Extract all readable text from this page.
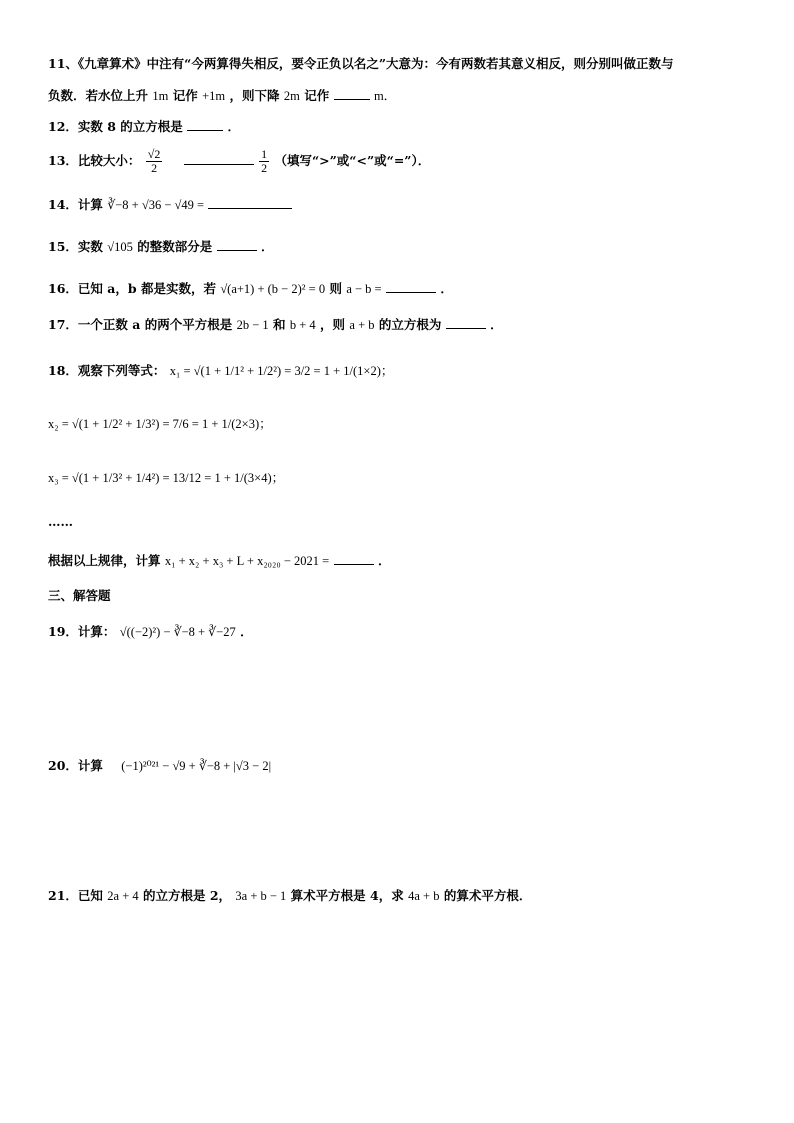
11、《九章算术》中注有“今两算得失相反，要令正负以名之”大意为：今有两数若其意义相反，则分别叫做正数与
负数．若水位上升 1m 记作 +1m ，则下降 2m 记作	m．
12．实数 8 的立方根是	．
13．比较大小： $\frac{√2}{2}$
	$\frac{1}{2}$ （填写“>”或“<”或“=”）．
14．计算 ∛−8 + √36 − √49 =
15．实数 √105 的整数部分是	．
16．已知 a，b 都是实数，若 √(a+1) + (b − 2)² = 0 则 a − b =	．
17．一个正数 a 的两个平方根是 2b − 1 和 b + 4 ，则 a + b 的立方根为	．
18．观察下列等式： x₁ = √(1 + 1/1² + 1/2²) = 3/2 = 1 + 1/(1×2)；
x₂ = √(1 + 1/2² + 1/3²) = 7/6 = 1 + 1/(2×3)；
x₃ = √(1 + 1/3² + 1/4²) = 13/12 = 1 + 1/(3×4)；
……
根据以上规律，计算 x₁ + x₂ + x₃ + L + x₂₀₂₀ − 2021 =	．
三、解答题
19．计算： √((−2)²) − ∛−8 + ∛−27 ．
20．计算 (−1)²⁰²¹ − √9 + ∛−8 + |√3 − 2|
21．已知 2a + 4 的立方根是 2， 3a + b − 1 算术平方根是 4，求 4a + b 的算术平方根．
